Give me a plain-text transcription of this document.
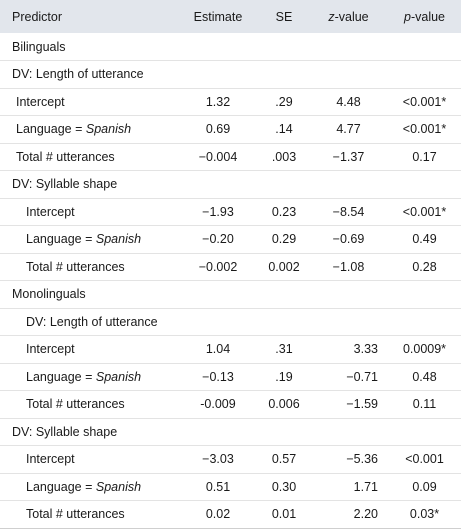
Predictor	Estimate	SE	z-value	p-value
Bilinguals				
DV: Length of utterance				
Intercept	1.32	.29	4.48	<0.001*
Language = Spanish	0.69	.14	4.77	<0.001*
Total # utterances	−0.004	.003	−1.37	0.17
DV: Syllable shape				
Intercept	−1.93	0.23	−8.54	<0.001*
Language = Spanish	−0.20	0.29	−0.69	0.49
Total # utterances	−0.002	0.002	−1.08	0.28
Monolinguals				
DV: Length of utterance				
Intercept	1.04	.31	3.33	0.0009*
Language = Spanish	−0.13	.19	−0.71	0.48
Total # utterances	-0.009	0.006	−1.59	0.11
DV: Syllable shape				
Intercept	−3.03	0.57	−5.36	<0.001
Language = Spanish	0.51	0.30	1.71	0.09
Total # utterances	0.02	0.01	2.20	0.03*
